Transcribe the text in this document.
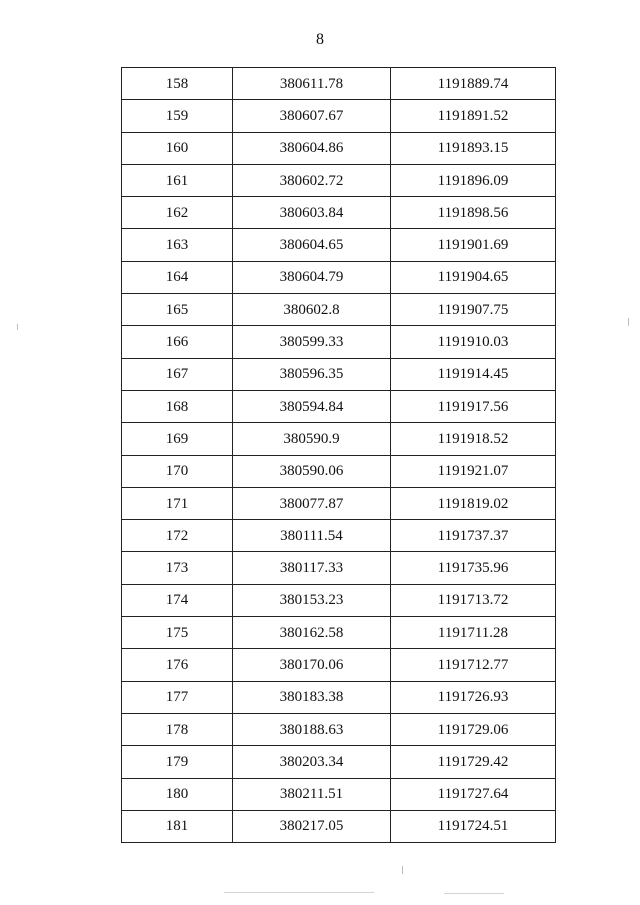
8
158	380611.78	1191889.74
159	380607.67	1191891.52
160	380604.86	1191893.15
161	380602.72	1191896.09
162	380603.84	1191898.56
163	380604.65	1191901.69
164	380604.79	1191904.65
165	380602.8	1191907.75
166	380599.33	1191910.03
167	380596.35	1191914.45
168	380594.84	1191917.56
169	380590.9	1191918.52
170	380590.06	1191921.07
171	380077.87	1191819.02
172	380111.54	1191737.37
173	380117.33	1191735.96
174	380153.23	1191713.72
175	380162.58	1191711.28
176	380170.06	1191712.77
177	380183.38	1191726.93
178	380188.63	1191729.06
179	380203.34	1191729.42
180	380211.51	1191727.64
181	380217.05	1191724.51
